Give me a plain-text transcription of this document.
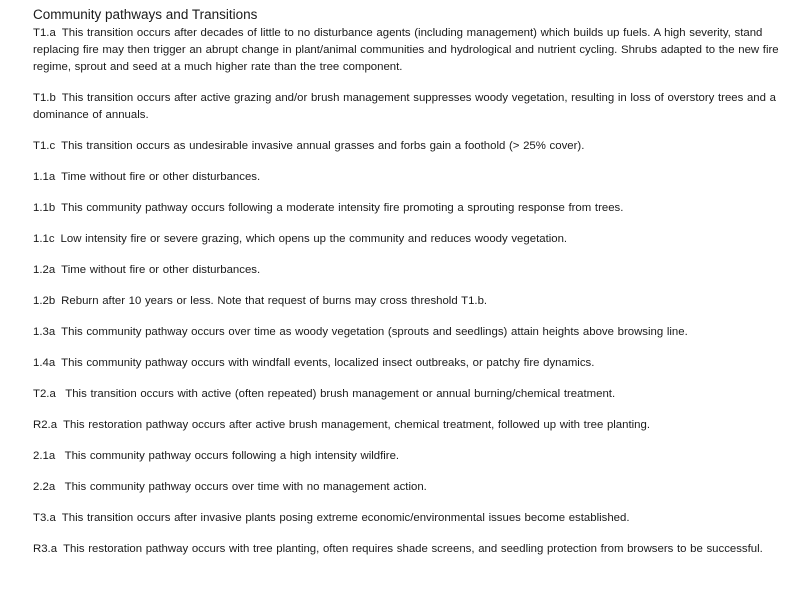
Community pathways and Transitions

T1.a This transition occurs after decades of little to no disturbance agents (including management) which builds up fuels. A high severity, stand replacing fire may then trigger an abrupt change in plant/animal communities and hydrological and nutrient cycling. Shrubs adapted to the new fire regime, sprout and seed at a much higher rate than the tree component.

T1.b This transition occurs after active grazing and/or brush management suppresses woody vegetation, resulting in loss of overstory trees and a dominance of annuals.

T1.c This transition occurs as undesirable invasive annual grasses and forbs gain a foothold (> 25% cover).

1.1a Time without fire or other disturbances.

1.1b This community pathway occurs following a moderate intensity fire promoting a sprouting response from trees.

1.1c Low intensity fire or severe grazing, which opens up the community and reduces woody vegetation.

1.2a Time without fire or other disturbances.

1.2b Reburn after 10 years or less. Note that request of burns may cross threshold T1.b.

1.3a This community pathway occurs over time as woody vegetation (sprouts and seedlings) attain heights above browsing line.

1.4a This community pathway occurs with windfall events, localized insect outbreaks, or patchy fire dynamics.

T2.a This transition occurs with active (often repeated) brush management or annual burning/chemical treatment.

R2.a This restoration pathway occurs after active brush management, chemical treatment, followed up with tree planting.

2.1a This community pathway occurs following a high intensity wildfire.

2.2a This community pathway occurs over time with no management action.

T3.a This transition occurs after invasive plants posing extreme economic/environmental issues become established.

R3.a This restoration pathway occurs with tree planting, often requires shade screens, and seedling protection from browsers to be successful.
